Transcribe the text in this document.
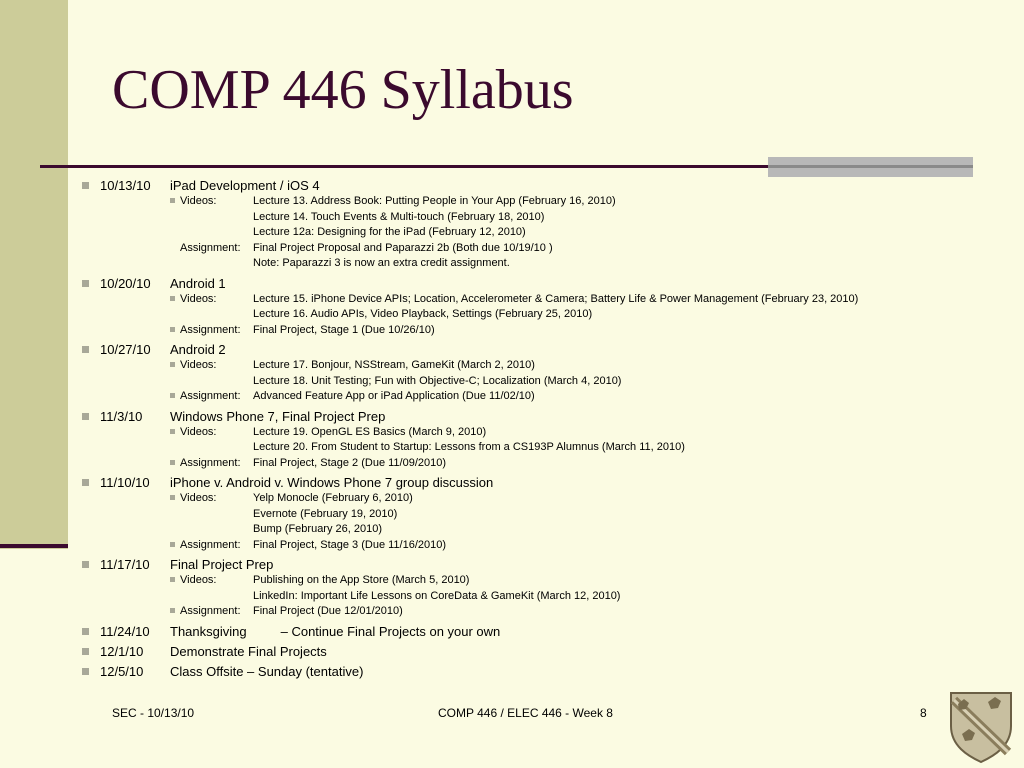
COMP 446 Syllabus
10/13/10	iPad Development / iOS 4
Videos:	Lecture 13. Address Book: Putting People in Your App (February 16, 2010)
Lecture 14. Touch Events & Multi-touch (February 18, 2010)
Lecture 12a: Designing for the iPad (February 12, 2010)
Assignment:	Final Project Proposal and Paparazzi 2b (Both due 10/19/10 )
Note: Paparazzi 3 is now an extra credit assignment.
10/20/10	Android 1
Videos:	Lecture 15. iPhone Device APIs; Location, Accelerometer & Camera; Battery Life & Power Management (February 23, 2010)
Lecture 16. Audio APIs, Video Playback, Settings (February 25, 2010)
Assignment:	Final Project, Stage 1 (Due 10/26/10)
10/27/10	Android 2
Videos:	Lecture 17. Bonjour, NSStream, GameKit (March 2, 2010)
Lecture 18. Unit Testing; Fun with Objective-C; Localization (March 4, 2010)
Assignment:	Advanced Feature App or iPad Application (Due 11/02/10)
11/3/10	Windows Phone 7, Final Project Prep
Videos:	Lecture 19. OpenGL ES Basics (March 9, 2010)
Lecture 20. From Student to Startup: Lessons from a CS193P Alumnus (March 11, 2010)
Assignment:	Final Project, Stage 2 (Due 11/09/2010)
11/10/10	iPhone v. Android v. Windows Phone 7 group discussion
Videos:	Yelp Monocle (February 6, 2010)
Evernote (February 19, 2010)
Bump (February 26, 2010)
Assignment:	Final Project, Stage 3 (Due 11/16/2010)
11/17/10	Final Project Prep
Videos:	Publishing on the App Store (March 5, 2010)
LinkedIn: Important Life Lessons on CoreData & GameKit (March 12, 2010)
Assignment:	Final Project (Due 12/01/2010)
11/24/10	Thanksgiving	– Continue Final Projects on your own
12/1/10	Demonstrate Final Projects
12/5/10	Class Offsite – Sunday (tentative)
SEC - 10/13/10	COMP 446 / ELEC 446 - Week 8	8
